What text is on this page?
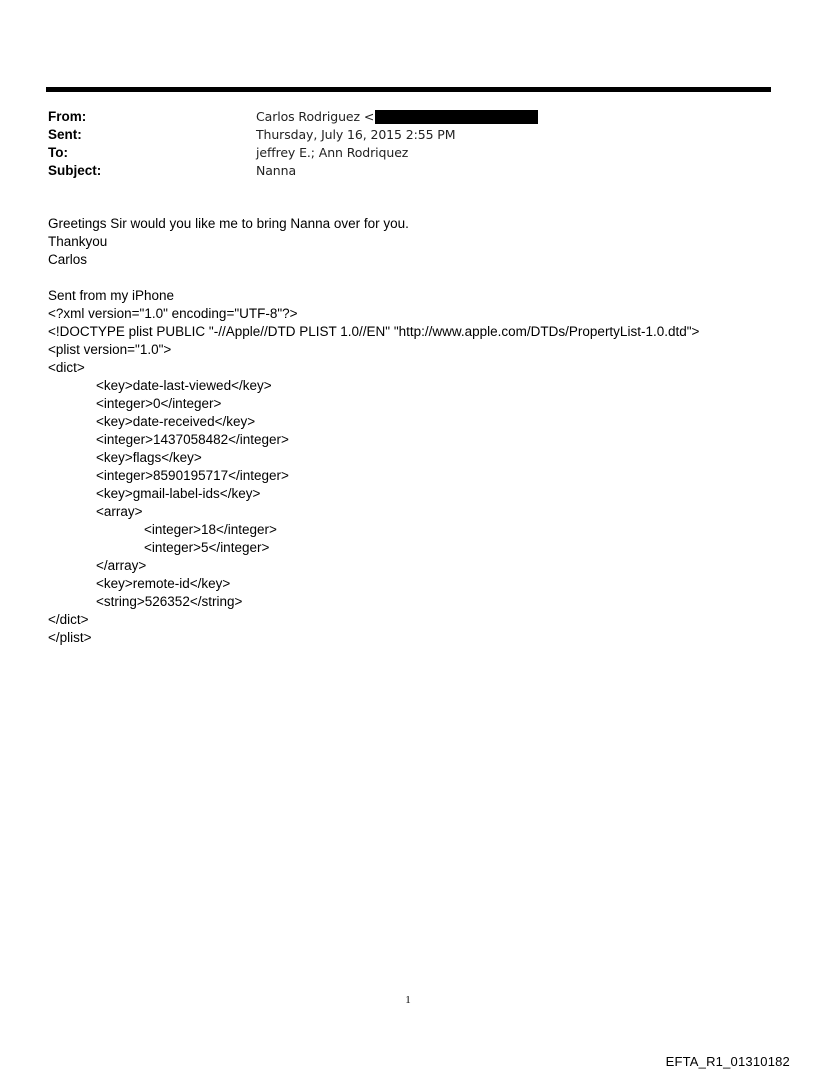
From:	Carlos Rodriguez <
Sent:	Thursday, July 16, 2015 2:55 PM
To:	jeffrey E.; Ann Rodriquez
Subject:	Nanna
Greetings Sir would you like me to bring Nanna over for you.
Thankyou
Carlos
Sent from my iPhone
<?xml version="1.0" encoding="UTF-8"?>
<!DOCTYPE plist PUBLIC "-//Apple//DTD PLIST 1.0//EN" "http://www.apple.com/DTDs/PropertyList-1.0.dtd">
<plist version="1.0">
<dict>
<key>date-last-viewed</key>
<integer>0</integer>
<key>date-received</key>
<integer>1437058482</integer>
<key>flags</key>
<integer>8590195717</integer>
<key>gmail-label-ids</key>
<array>
<integer>18</integer>
<integer>5</integer>
</array>
<key>remote-id</key>
<string>526352</string>
</dict>
</plist>
1
EFTA_R1_01310182
